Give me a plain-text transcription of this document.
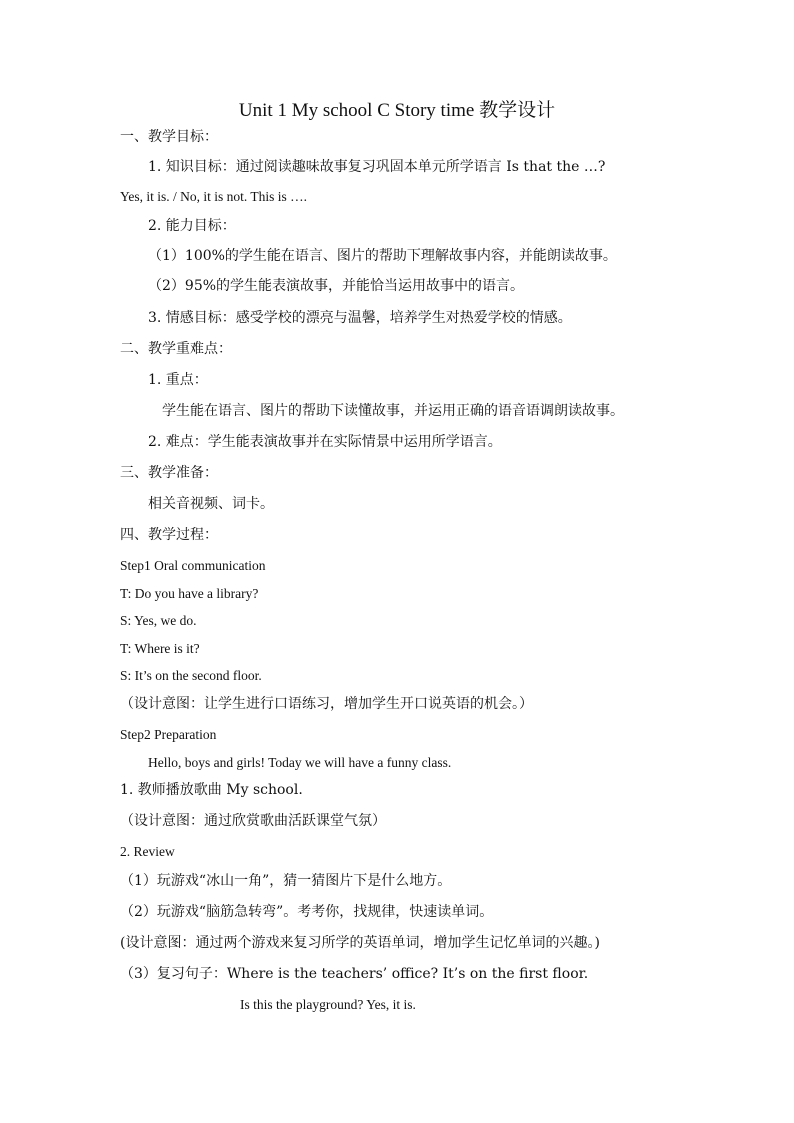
Unit 1 My school C Story time 教学设计
一、教学目标：
1. 知识目标：通过阅读趣味故事复习巩固本单元所学语言 Is that the …?
Yes, it is. / No, it is not. This is ….
2. 能力目标：
（1）100%的学生能在语言、图片的帮助下理解故事内容，并能朗读故事。
（2）95%的学生能表演故事，并能恰当运用故事中的语言。
3. 情感目标：感受学校的漂亮与温馨，培养学生对热爱学校的情感。
二、教学重难点：
1. 重点：
学生能在语言、图片的帮助下读懂故事，并运用正确的语音语调朗读故事。
2. 难点：学生能表演故事并在实际情景中运用所学语言。
三、教学准备：
相关音视频、词卡。
四、教学过程：
Step1 Oral communication
T: Do you have a library?
S: Yes, we do.
T: Where is it?
S: It’s on the second floor.
（设计意图：让学生进行口语练习，增加学生开口说英语的机会。）
Step2 Preparation
Hello, boys and girls! Today we will have a funny class.
1. 教师播放歌曲 My school.
（设计意图：通过欣赏歌曲活跃课堂气氛）
2. Review
（1）玩游戏“冰山一角”，猜一猜图片下是什么地方。
（2）玩游戏“脑筋急转弯”。考考你，找规律，快速读单词。
(设计意图：通过两个游戏来复习所学的英语单词，增加学生记忆单词的兴趣。)
（3）复习句子：Where is the teachers’ office? It’s on the first floor.
Is this the playground? Yes, it is.
